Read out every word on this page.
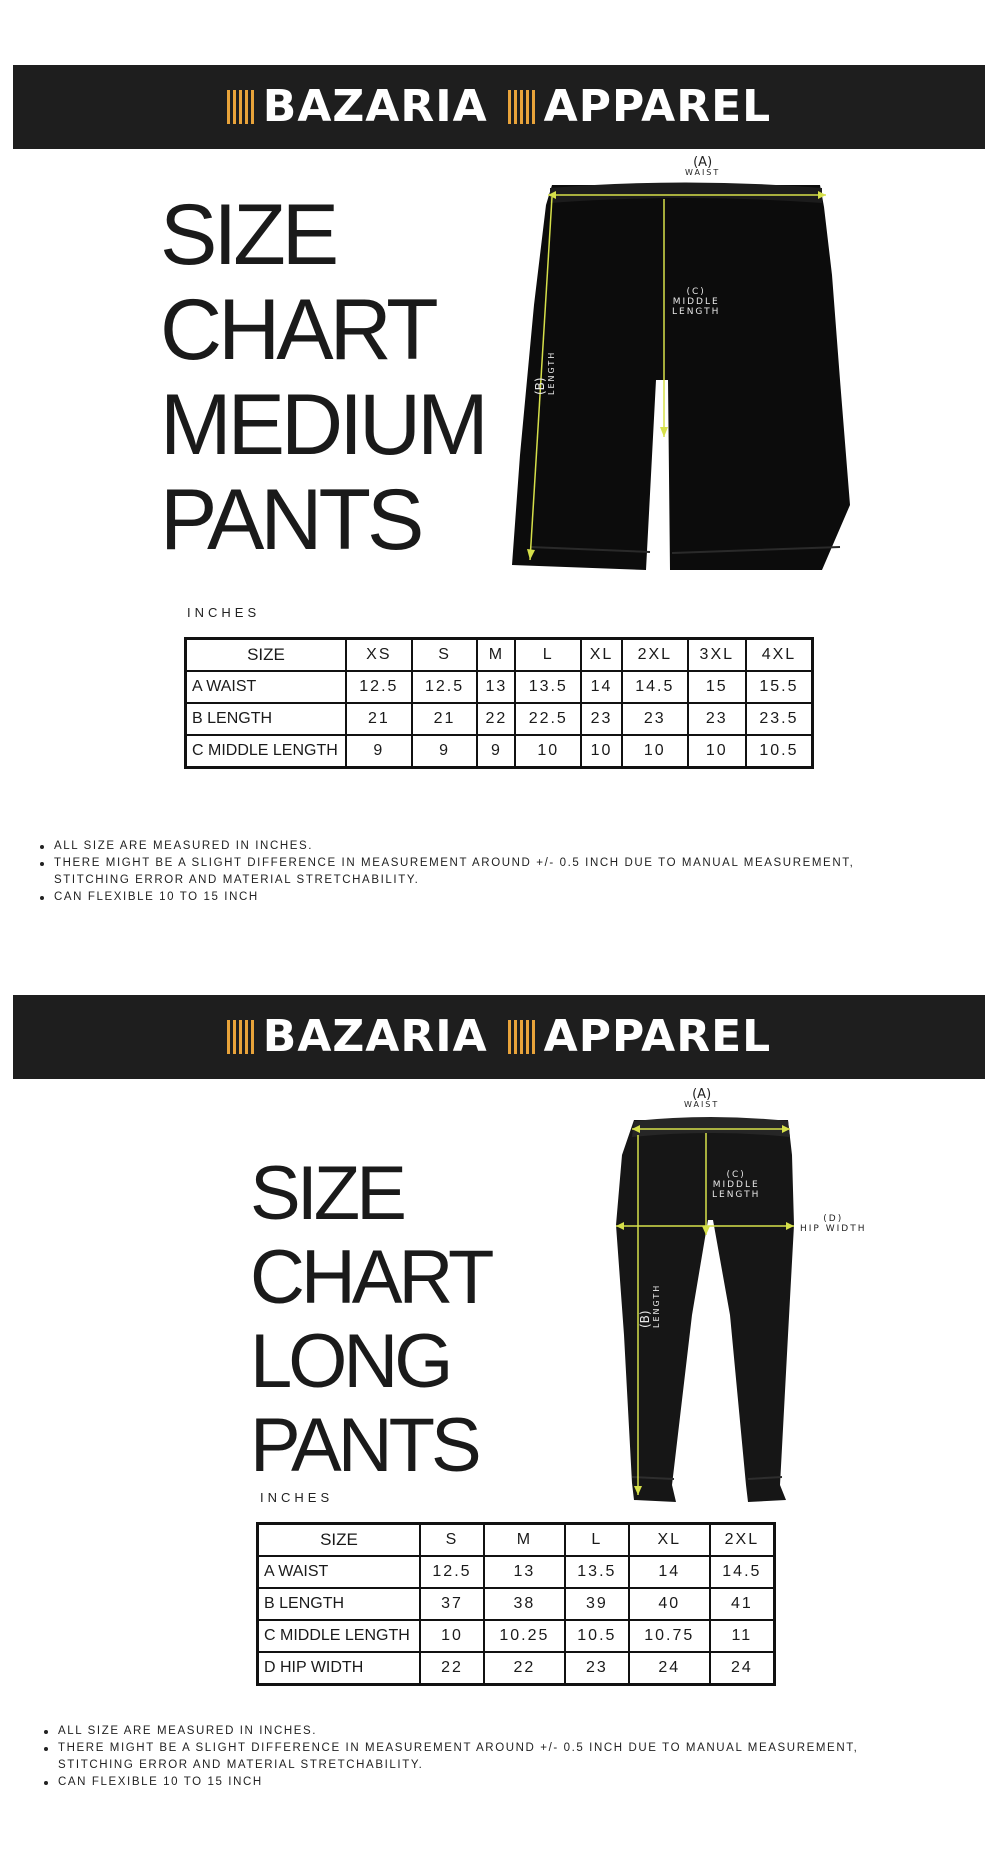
BAZARIA APPAREL
SIZE
CHART
MEDIUM
PANTS
(A)
WAIST
(C)
MIDDLE
LENGTH
(B) LENGTH
INCHES
SIZE	XS	S	M	L	XL	2XL	3XL	4XL
A WAIST	12.5	12.5	13	13.5	14	14.5	15	15.5
B LENGTH	21	21	22	22.5	23	23	23	23.5
C MIDDLE LENGTH	9	9	9	10	10	10	10	10.5
ALL SIZE ARE MEASURED IN INCHES.
THERE MIGHT BE A SLIGHT DIFFERENCE IN MEASUREMENT AROUND +/- 0.5 INCH DUE TO MANUAL MEASUREMENT, STITCHING ERROR AND MATERIAL STRETCHABILITY.
CAN FLEXIBLE 10 TO 15 INCH
BAZARIA APPAREL
SIZE
CHART
LONG
PANTS
(A)
WAIST
(C)
MIDDLE
LENGTH
(D)
HIP WIDTH
(B) LENGTH
INCHES
SIZE	S	M	L	XL	2XL
A WAIST	12.5	13	13.5	14	14.5
B LENGTH	37	38	39	40	41
C MIDDLE LENGTH	10	10.25	10.5	10.75	11
D HIP WIDTH	22	22	23	24	24
ALL SIZE ARE MEASURED IN INCHES.
THERE MIGHT BE A SLIGHT DIFFERENCE IN MEASUREMENT AROUND +/- 0.5 INCH DUE TO MANUAL MEASUREMENT, STITCHING ERROR AND MATERIAL STRETCHABILITY.
CAN FLEXIBLE 10 TO 15 INCH
